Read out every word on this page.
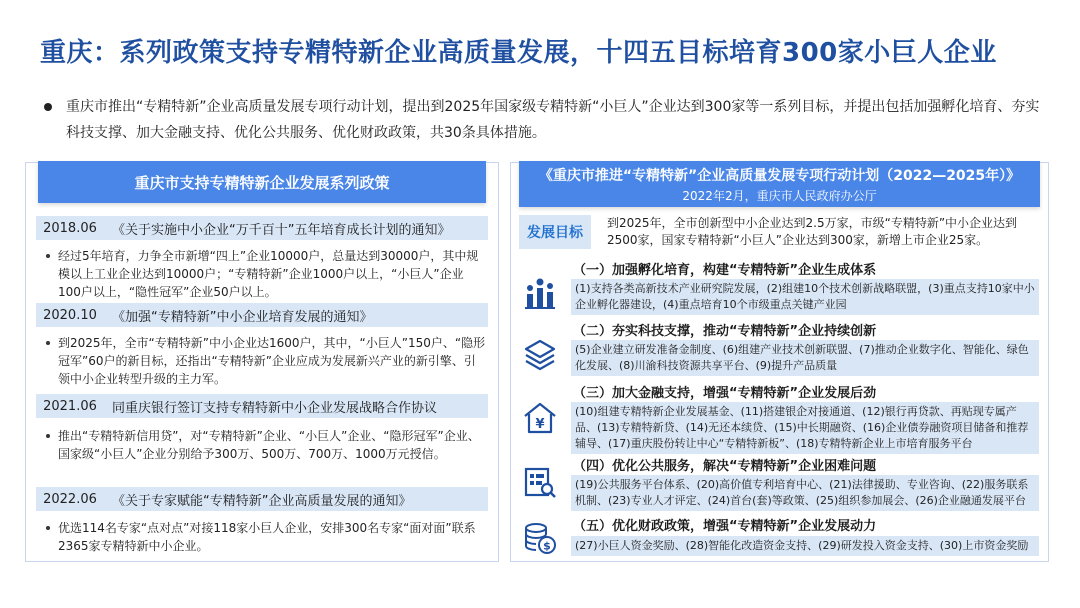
重庆：系列政策支持专精特新企业高质量发展，十四五目标培育300家小巨人企业
重庆市推出“专精特新”企业高质量发展专项行动计划，提出到2025年国家级专精特新“小巨人”企业达到300家等一系列目标，并提出包括加强孵化培育、夯实科技支撑、加大金融支持、优化公共服务、优化财政政策，共30条具体措施。
重庆市支持专精特新企业发展系列政策
2018.06	《关于实施中小企业“万千百十”五年培育成长计划的通知》
经过5年培育，力争全市新增“四上”企业10000户，总量达到30000户，其中规模以上工业企业达到10000户；“专精特新”企业1000户以上，“小巨人”企业100户以上，“隐性冠军”企业50户以上。
2020.10	《加强“专精特新”中小企业培育发展的通知》
到2025年，全市“专精特新”中小企业达1600户，其中，“小巨人”150户、“隐形冠军”60户的新目标，还指出“专精特新”企业应成为发展新兴产业的新引擎、引领中小企业转型升级的主力军。
2021.06	同重庆银行签订支持专精特新中小企业发展战略合作协议
推出“专精特新信用贷”，对“专精特新”企业、“小巨人”企业、“隐形冠军”企业、国家级“小巨人”企业分别给予300万、500万、700万、1000万元授信。
2022.06	《关于专家赋能“专精特新”企业高质量发展的通知》
优选114名专家“点对点”对接118家小巨人企业，安排300名专家“面对面”联系2365家专精特新中小企业。
《重庆市推进“专精特新”企业高质量发展专项行动计划（2022—2025年）》
2022年2月，重庆市人民政府办公厅
发展目标
到2025年，全市创新型中小企业达到2.5万家，市级“专精特新”中小企业达到2500家，国家专精特新“小巨人”企业达到300家，新增上市企业25家。
（一）加强孵化培育，构建“专精特新”企业生成体系
(1)支持各类高新技术产业研究院发展，(2)组建10个技术创新战略联盟，(3)重点支持10家中小企业孵化器建设，(4)重点培育10个市级重点关键产业园
（二）夯实科技支撑，推动“专精特新”企业持续创新
(5)企业建立研发准备金制度、(6)组建产业技术创新联盟、(7)推动企业数字化、智能化、绿色化发展、(8)川渝科技资源共享平台、(9)提升产品质量
¥
（三）加大金融支持，增强“专精特新”企业发展后劲
(10)组建专精特新企业发展基金、(11)搭建银企对接通道、(12)银行再贷款、再贴现专属产品、(13)专精特新贷、(14)无还本续贷、(15)中长期融资、(16)企业债券融资项目储备和推荐辅导、(17)重庆股份转让中心“专精特新板”、(18)专精特新企业上市培育服务平台
（四）优化公共服务，解决“专精特新”企业困难问题
(19)公共服务平台体系、(20)高价值专利培育中心、(21)法律援助、专业咨询、(22)服务联系机制、(23)专业人才评定、(24)首台(套)等政策、(25)组织参加展会、(26)企业融通发展平台
$
（五）优化财政政策，增强“专精特新”企业发展动力
(27)小巨人资金奖励、(28)智能化改造资金支持、(29)研发投入资金支持、(30)上市资金奖励
